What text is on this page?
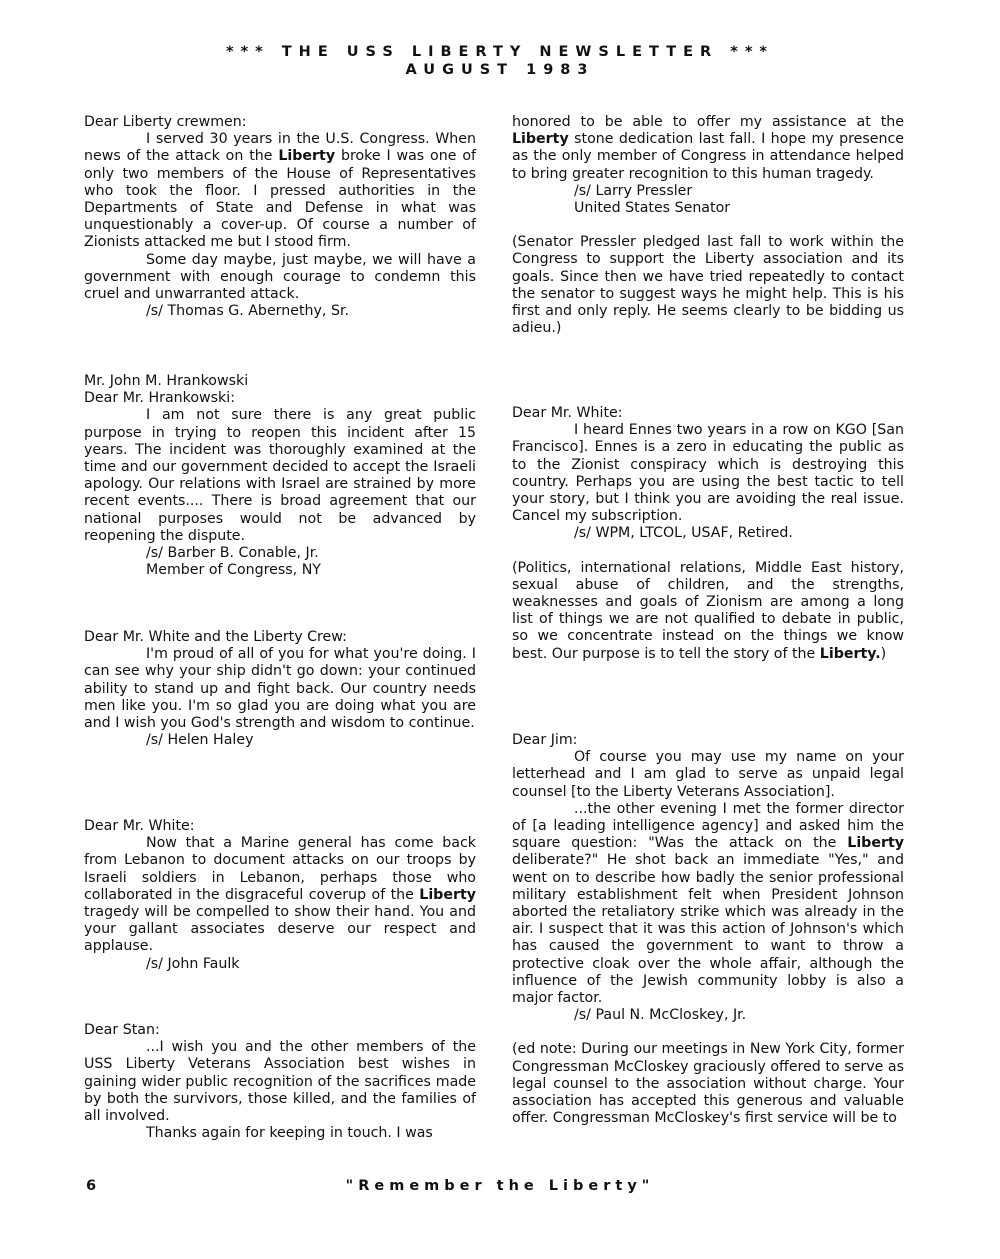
*** THE USS LIBERTY NEWSLETTER ***
AUGUST 1983

Dear Liberty crewmen:

I served 30 years in the U.S. Congress. When news of the attack on the Liberty broke I was one of only two members of the House of Representatives who took the floor. I pressed authorities in the Departments of State and Defense in what was unquestionably a cover-up. Of course a number of Zionists attacked me but I stood firm.

Some day maybe, just maybe, we will have a government with enough courage to condemn this cruel and unwarranted attack.

/s/ Thomas G. Abernethy, Sr.

Mr. John M. Hrankowski

Dear Mr. Hrankowski:

I am not sure there is any great public purpose in trying to reopen this incident after 15 years. The incident was thoroughly examined at the time and our government decided to accept the Israeli apology. Our relations with Israel are strained by more recent events.... There is broad agreement that our national purposes would not be advanced by reopening the dispute.

/s/ Barber B. Conable, Jr.

Member of Congress, NY

Dear Mr. White and the Liberty Crew:

I'm proud of all of you for what you're doing. I can see why your ship didn't go down: your continued ability to stand up and fight back. Our country needs men like you. I'm so glad you are doing what you are and I wish you God's strength and wisdom to continue.

/s/ Helen Haley

Dear Mr. White:

Now that a Marine general has come back from Lebanon to document attacks on our troops by Israeli soldiers in Lebanon, perhaps those who collaborated in the disgraceful coverup of the Liberty tragedy will be compelled to show their hand. You and your gallant associates deserve our respect and applause.

/s/ John Faulk

Dear Stan:

...I wish you and the other members of the USS Liberty Veterans Association best wishes in gaining wider public recognition of the sacrifices made by both the survivors, those killed, and the families of all involved.

Thanks again for keeping in touch. I was

honored to be able to offer my assistance at the Liberty stone dedication last fall. I hope my presence as the only member of Congress in attendance helped to bring greater recognition to this human tragedy.

/s/ Larry Pressler

United States Senator

(Senator Pressler pledged last fall to work within the Congress to support the Liberty association and its goals. Since then we have tried repeatedly to contact the senator to suggest ways he might help. This is his first and only reply. He seems clearly to be bidding us adieu.)

Dear Mr. White:

I heard Ennes two years in a row on KGO [San Francisco]. Ennes is a zero in educating the public as to the Zionist conspiracy which is destroying this country. Perhaps you are using the best tactic to tell your story, but I think you are avoiding the real issue. Cancel my subscription.

/s/ WPM, LTCOL, USAF, Retired.

(Politics, international relations, Middle East history, sexual abuse of children, and the strengths, weaknesses and goals of Zionism are among a long list of things we are not qualified to debate in public, so we concentrate instead on the things we know best. Our purpose is to tell the story of the Liberty.)

Dear Jim:

Of course you may use my name on your letterhead and I am glad to serve as unpaid legal counsel [to the Liberty Veterans Association].

...the other evening I met the former director of [a leading intelligence agency] and asked him the square question: "Was the attack on the Liberty deliberate?" He shot back an immediate "Yes," and went on to describe how badly the senior professional military establishment felt when President Johnson aborted the retaliatory strike which was already in the air. I suspect that it was this action of Johnson's which has caused the government to want to throw a protective cloak over the whole affair, although the influence of the Jewish community lobby is also a major factor.

/s/ Paul N. McCloskey, Jr.

(ed note: During our meetings in New York City, former Congressman McCloskey graciously offered to serve as legal counsel to the association without charge. Your association has accepted this generous and valuable offer. Congressman McCloskey's first service will be to

6	"Remember the Liberty"
